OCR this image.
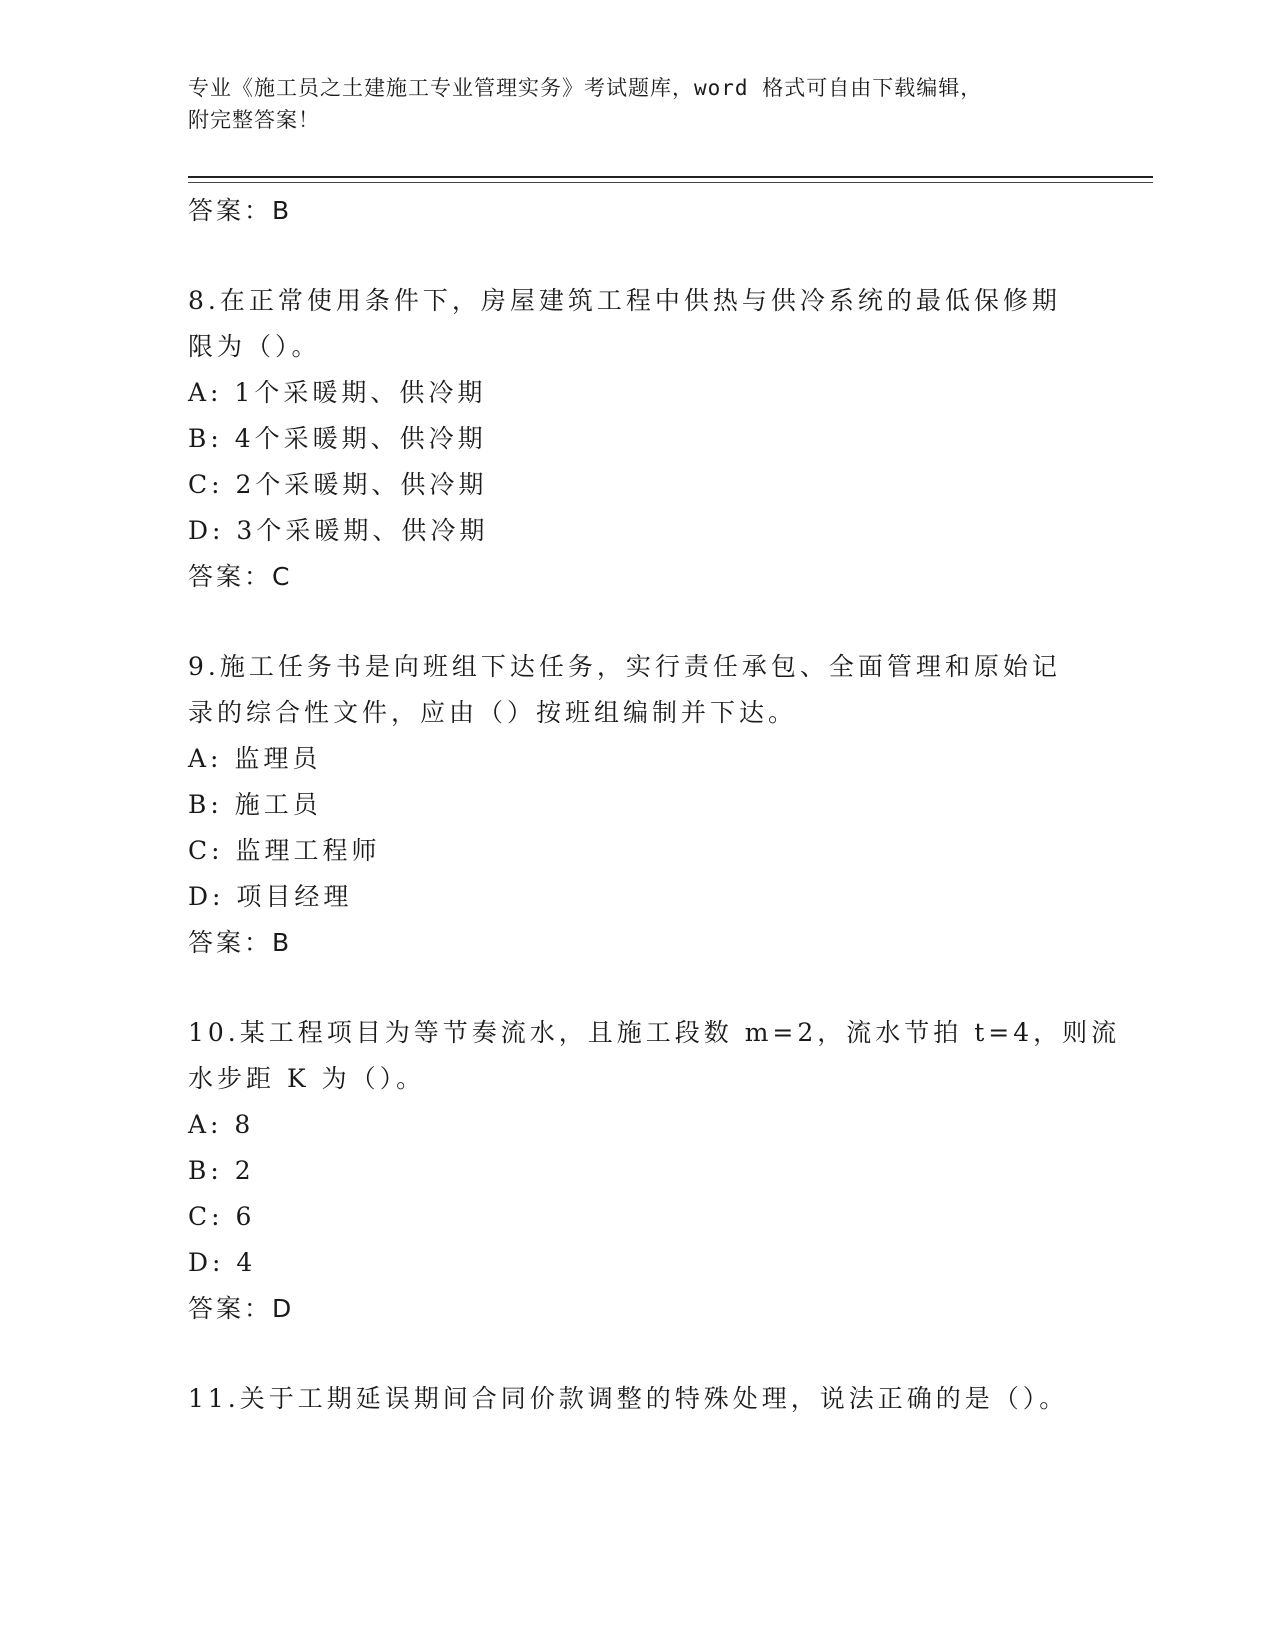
专业《施工员之土建施工专业管理实务》考试题库，word 格式可自由下载编辑，
附完整答案！
答案：B
8.在正常使用条件下，房屋建筑工程中供热与供冷系统的最低保修期
限为（）。
A: 1个采暖期、供冷期
B: 4个采暖期、供冷期
C: 2个采暖期、供冷期
D: 3个采暖期、供冷期
答案：C
9.施工任务书是向班组下达任务，实行责任承包、全面管理和原始记
录的综合性文件，应由（）按班组编制并下达。
A: 监理员
B: 施工员
C: 监理工程师
D: 项目经理
答案：B
10.某工程项目为等节奏流水，且施工段数 m=2，流水节拍 t=4，则流
水步距 K 为（）。
A: 8
B: 2
C: 6
D: 4
答案：D
11.关于工期延误期间合同价款调整的特殊处理，说法正确的是（）。
